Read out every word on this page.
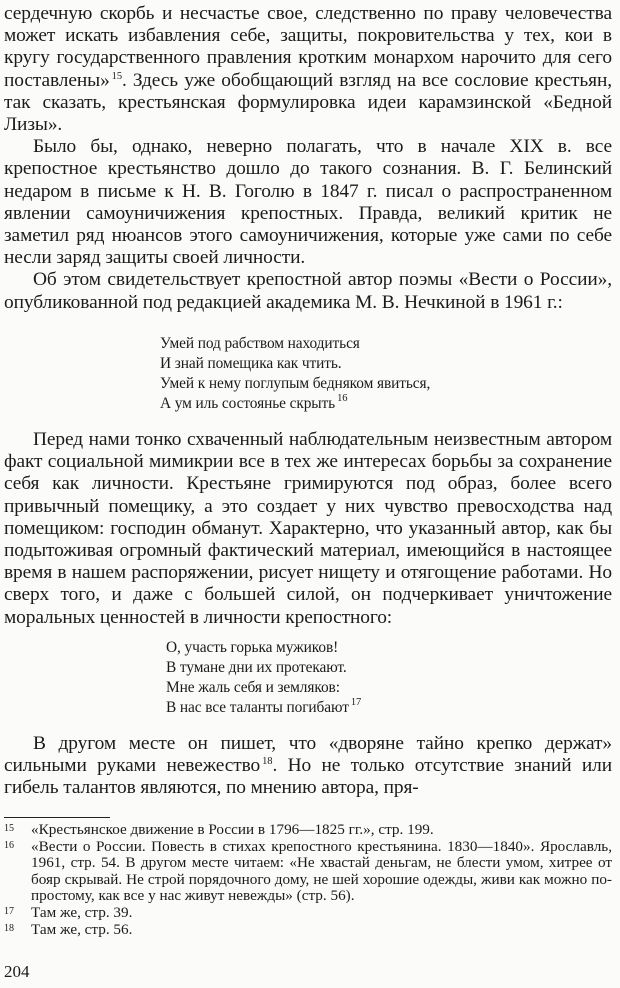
сердечную скорбь и несчастье свое, следственно по праву человечества может искать избавления себе, защиты, покровительства у тех, кои в кругу государственного правления кротким монархом нарочито для сего поставлены» $^{15}$. Здесь уже обобщающий взгляд на все сословие крестьян, так сказать, крестьянская формулировка идеи карамзинской «Бедной Лизы».

Было бы, однако, неверно полагать, что в начале XIX в. все крепостное крестьянство дошло до такого сознания. В. Г. Белинский недаром в письме к Н. В. Гоголю в 1847 г. писал о распространенном явлении самоуничижения крепостных. Правда, великий критик не заметил ряд нюансов этого самоуничижения, которые уже сами по себе несли заряд защиты своей личности.

Об этом свидетельствует крепостной автор поэмы «Вести о России», опубликованной под редакцией академика М. В. Нечкиной в 1961 г.:

Умей под рабством находиться
И знай помещика как чтить.
Умей к нему поглупым бедняком явиться,
А ум иль состоянье скрыть $^{16}$

Перед нами тонко схваченный наблюдательным неизвестным автором факт социальной мимикрии все в тех же интересах борьбы за сохранение себя как личности. Крестьяне гримируются под образ, более всего привычный помещику, а это создает у них чувство превосходства над помещиком: господин обманут. Характерно, что указанный автор, как бы подытоживая огромный фактический материал, имеющийся в настоящее время в нашем распоряжении, рисует нищету и отягощение работами. Но сверх того, и даже с большей силой, он подчеркивает уничтожение моральных ценностей в личности крепостного:

О, участь горька мужиков!
В тумане дни их протекают.
Мне жаль себя и земляков:
В нас все таланты погибают $^{17}$

В другом месте он пишет, что «дворяне тайно крепко держат» сильными руками невежество $^{18}$. Но не только отсутствие знаний или гибель талантов являются, по мнению автора, пря-

15	«Крестьянское движение в России в 1796—1825 гг.», стр. 199.
16	«Вести о России. Повесть в стихах крепостного крестьянина. 1830—1840». Ярославль, 1961, стр. 54. В другом месте читаем: «Не хвастай деньгам, не блести умом, хитрее от бояр скрывай. Не строй порядочного дому, не шей хорошие одежды, живи как можно по-простому, как все у нас живут невежды» (стр. 56).
17	Там же, стр. 39.
18	Там же, стр. 56.
204
